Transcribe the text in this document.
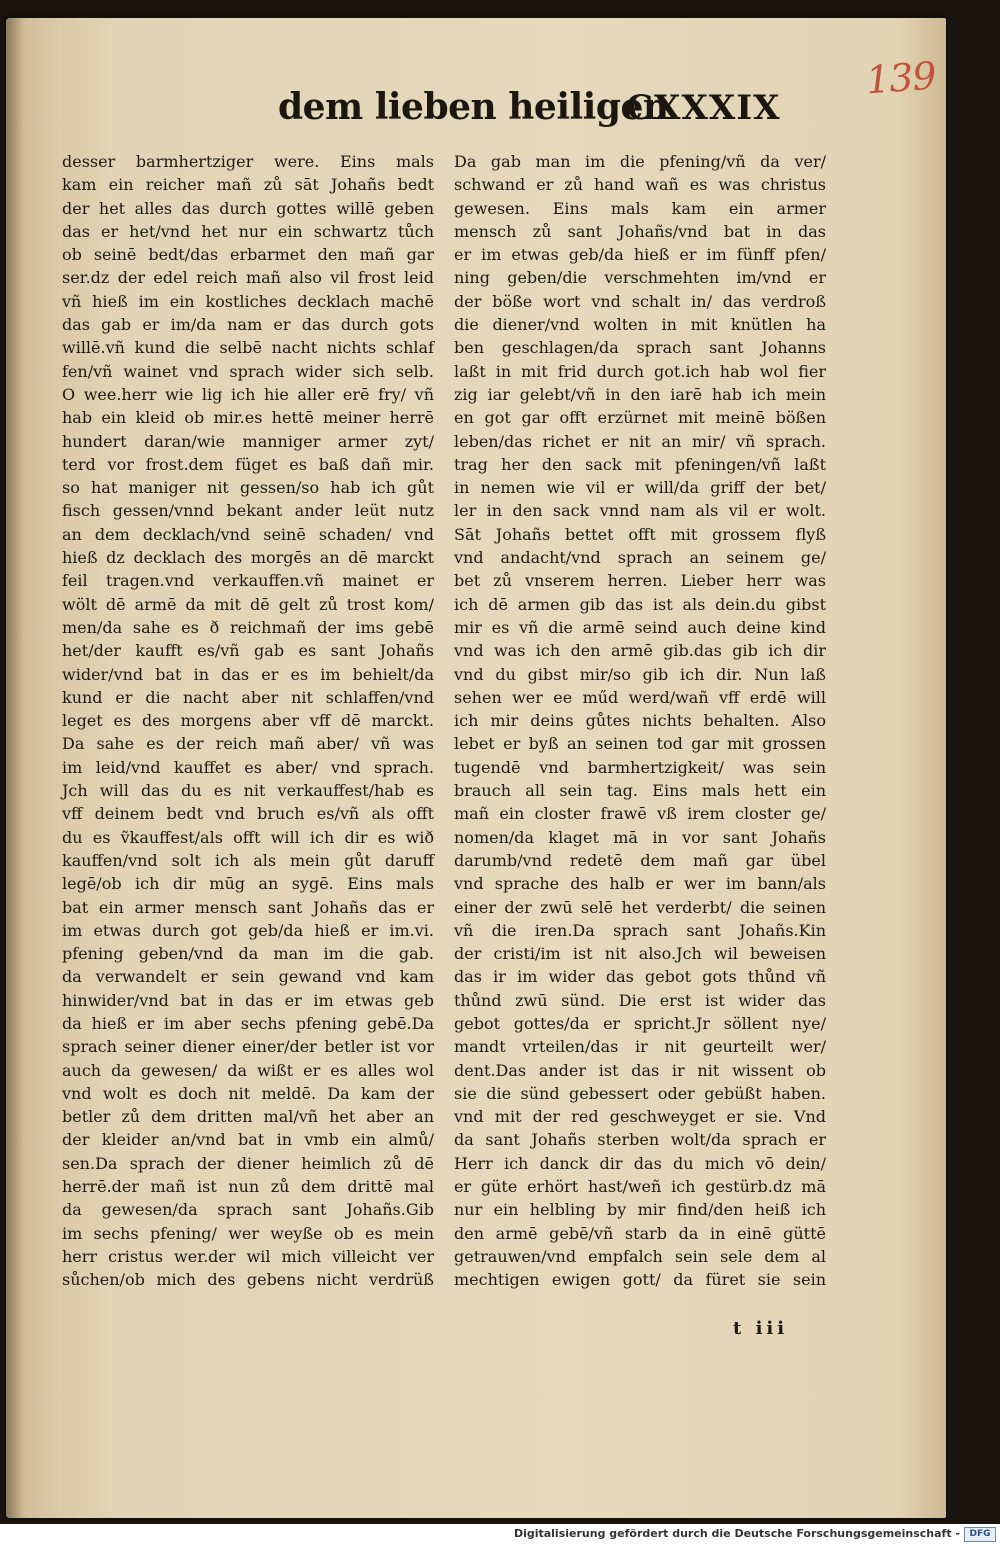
139
dem lieben heiligen
CXXXIX
desser barmhertziger were. Eins mals
kam ein reicher mañ zů sāt Johañs bedt
der het alles das durch gottes willē geben
das er het/vnd het nur ein schwartz tůch
ob seinē bedt/das erbarmet den mañ gar
ser.dz der edel reich mañ also vil frost leid
vñ hieß im ein kostliches decklach machē
das gab er im/da nam er das durch gots
willē.vñ kund die selbē nacht nichts schlaf
fen/vñ wainet vnd sprach wider sich selb.
O wee.herr wie lig ich hie aller erē fry/ vñ
hab ein kleid ob mir.es hettē meiner herrē
hundert daran/wie manniger armer zyt/
terd vor frost.dem füget es baß dañ mir.
so hat maniger nit gessen/so hab ich gůt
fisch gessen/vnnd bekant ander leüt nutz
an dem decklach/vnd seinē schaden/ vnd
hieß dz decklach des morgēs an dē marckt
feil tragen.vnd verkauffen.vñ mainet er
wölt dē armē da mit dē gelt zů trost kom/
men/da sahe es ð reichmañ der ims gebē
het/der kaufft es/vñ gab es sant Johañs
wider/vnd bat in das er es im behielt/da
kund er die nacht aber nit schlaffen/vnd
leget es des morgens aber vff dē marckt.
Da sahe es der reich mañ aber/ vñ was
im leid/vnd kauffet es aber/ vnd sprach.
Jch will das du es nit verkauffest/hab es
vff deinem bedt vnd bruch es/vñ als offt
du es ṽkauffest/als offt will ich dir es wið
kauffen/vnd solt ich als mein gůt daruff
legē/ob ich dir mūg an sygē. Eins mals
bat ein armer mensch sant Johañs das er
im etwas durch got geb/da hieß er im.vi.
pfening geben/vnd da man im die gab.
da verwandelt er sein gewand vnd kam
hinwider/vnd bat in das er im etwas geb
da hieß er im aber sechs pfening gebē.Da
sprach seiner diener einer/der betler ist vor
auch da gewesen/ da wißt er es alles wol
vnd wolt es doch nit meldē. Da kam der
betler zů dem dritten mal/vñ het aber an
der kleider an/vnd bat in vmb ein almů/
sen.Da sprach der diener heimlich zů dē
herrē.der mañ ist nun zů dem drittē mal
da gewesen/da sprach sant Johañs.Gib
im sechs pfening/ wer weyße ob es mein
herr cristus wer.der wil mich villeicht ver
sůchen/ob mich des gebens nicht verdrüß
Da gab man im die pfening/vñ da ver/
schwand er zů hand wañ es was christus
gewesen. Eins mals kam ein armer
mensch zů sant Johañs/vnd bat in das
er im etwas geb/da hieß er im fünff pfen/
ning geben/die verschmehten im/vnd er
der böße wort vnd schalt in/ das verdroß
die diener/vnd wolten in mit knütlen ha
ben geschlagen/da sprach sant Johanns
laßt in mit frid durch got.ich hab wol fier
zig iar gelebt/vñ in den iarē hab ich mein
en got gar offt erzürnet mit meinē bößen
leben/das richet er nit an mir/ vñ sprach.
trag her den sack mit pfeningen/vñ laßt
in nemen wie vil er will/da griff der bet/
ler in den sack vnnd nam als vil er wolt.
Sāt Johañs bettet offt mit grossem flyß
vnd andacht/vnd sprach an seinem ge/
bet zů vnserem herren. Lieber herr was
ich dē armen gib das ist als dein.du gibst
mir es vñ die armē seind auch deine kind
vnd was ich den armē gib.das gib ich dir
vnd du gibst mir/so gib ich dir. Nun laß
sehen wer ee műd werd/wañ vff erdē will
ich mir deins gůtes nichts behalten. Also
lebet er byß an seinen tod gar mit grossen
tugendē vnd barmhertzigkeit/ was sein
brauch all sein tag. Eins mals hett ein
mañ ein closter frawē vß irem closter ge/
nomen/da klaget mā in vor sant Johañs
darumb/vnd redetē dem mañ gar übel
vnd sprache des halb er wer im bann/als
einer der zwū selē het verderbt/ die seinen
vñ die iren.Da sprach sant Johañs.Kin
der cristi/im ist nit also.Jch wil beweisen
das ir im wider das gebot gots thůnd vñ
thůnd zwū sünd. Die erst ist wider das
gebot gottes/da er spricht.Jr söllent nye/
mandt vrteilen/das ir nit geurteilt wer/
dent.Das ander ist das ir nit wissent ob
sie die sünd gebessert oder gebüßt haben.
vnd mit der red geschweyget er sie. Vnd
da sant Johañs sterben wolt/da sprach er
Herr ich danck dir das du mich vō dein/
er güte erhört hast/weñ ich gestürb.dz mā
nur ein helbling by mir find/den heiß ich
den armē gebē/vñ starb da in einē güttē
getrauwen/vnd empfalch sein sele dem al
mechtigen ewigen gott/ da füret sie sein
t iii
Digitalisierung gefördert durch die Deutsche Forschungsgemeinschaft -	DFG
